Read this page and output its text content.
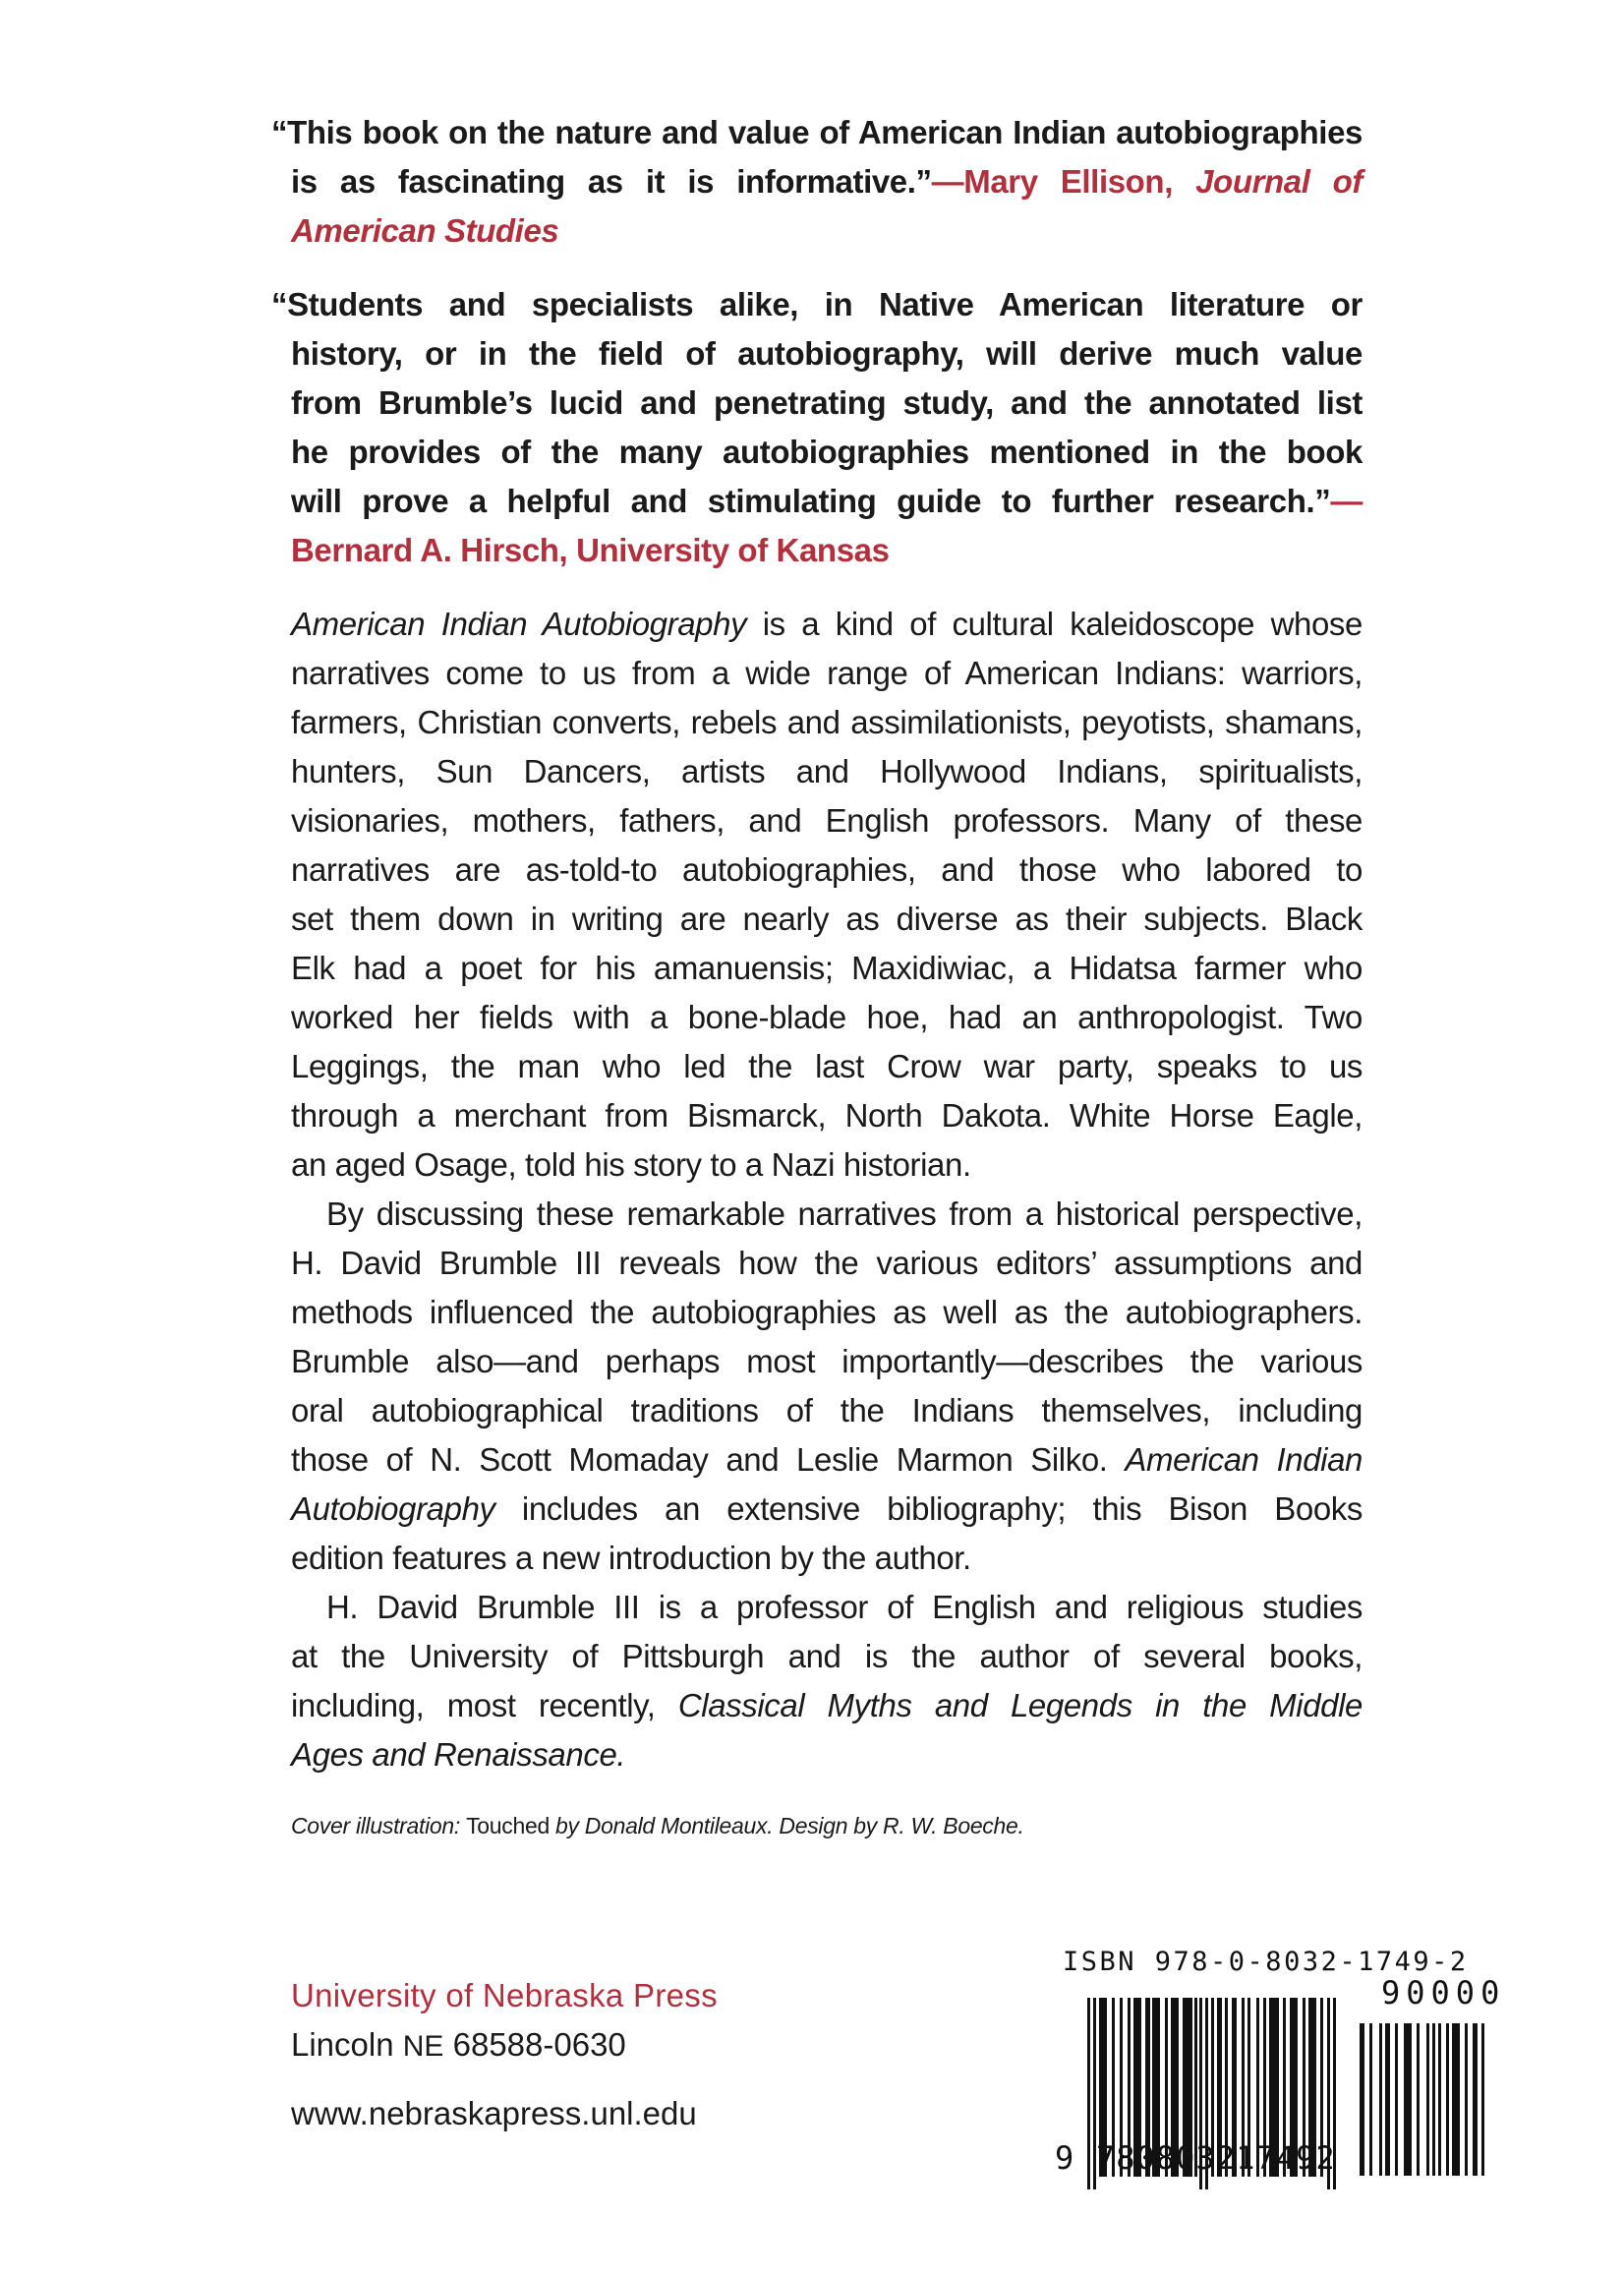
“This book on the nature and value of American Indian autobiographies
is as fascinating as it is informative.”—Mary Ellison, Journal of
American Studies
“Students and specialists alike, in Native American literature or
history, or in the field of autobiography, will derive much value
from Brumble’s lucid and penetrating study, and the annotated list
he provides of the many autobiographies mentioned in the book
will prove a helpful and stimulating guide to further research.”—
Bernard A. Hirsch, University of Kansas
American Indian Autobiography is a kind of cultural kaleidoscope whose
narratives come to us from a wide range of American Indians: warriors,
farmers, Christian converts, rebels and assimilationists, peyotists, shamans,
hunters, Sun Dancers, artists and Hollywood Indians, spiritualists,
visionaries, mothers, fathers, and English professors. Many of these
narratives are as-told-to autobiographies, and those who labored to
set them down in writing are nearly as diverse as their subjects. Black
Elk had a poet for his amanuensis; Maxidiwiac, a Hidatsa farmer who
worked her fields with a bone-blade hoe, had an anthropologist. Two
Leggings, the man who led the last Crow war party, speaks to us
through a merchant from Bismarck, North Dakota. White Horse Eagle,
an aged Osage, told his story to a Nazi historian.
By discussing these remarkable narratives from a historical perspective,
H. David Brumble III reveals how the various editors’ assumptions and
methods influenced the autobiographies as well as the autobiographers.
Brumble also—and perhaps most importantly—describes the various
oral autobiographical traditions of the Indians themselves, including
those of N. Scott Momaday and Leslie Marmon Silko. American Indian
Autobiography includes an extensive bibliography; this Bison Books
edition features a new introduction by the author.
H. David Brumble III is a professor of English and religious studies
at the University of Pittsburgh and is the author of several books,
including, most recently, Classical Myths and Legends in the Middle
Ages and Renaissance.
Cover illustration: Touched by Donald Montileaux. Design by R. W. Boeche.
University of Nebraska Press
Lincoln NE 68588-0630
www.nebraskapress.unl.edu
ISBN 978-0-8032-1749-2
90000
9 780803 217492
